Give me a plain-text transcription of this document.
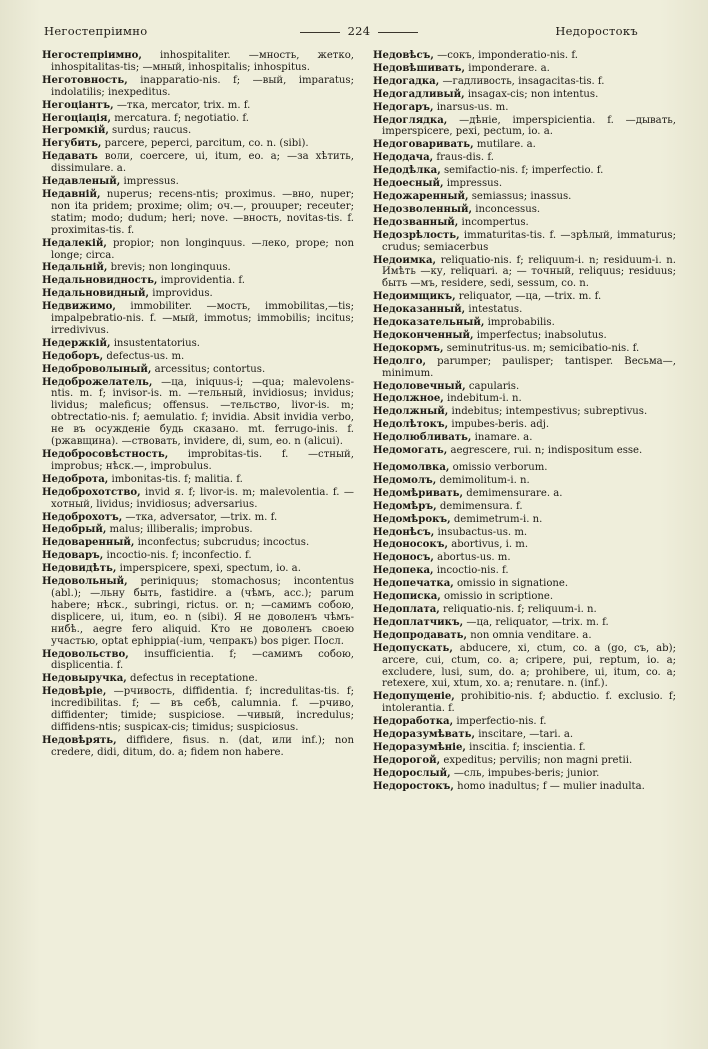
Негостепріимно	224	Недоростокъ
Негостепріимно, inhospitaliter. —мность, жетко, inhospitalitas-tis; —мный, inhospitalis; inhospitus.
Неготовность, inapparatio-nis. f; —вый, imparatus; indolatilis; inexpeditus.
Негоціантъ, —тка, mercator, trix. m. f.
Негоціація, mercatura. f; negotiatio. f.
Негромкій, surdus; raucus.
Негубить, parcere, peperci, parcitum, co. n. (sibi).
Недавать воли, coercere, ui, itum, eo. a; —за хѣтить, dissimulare. a.
Недавленый, impressus.
Недавній, nuperus; recens-ntis; proximus. —вно, nuper; non ita pridem; proxime; olim; оч.—, prouuper; receuter; statim; modo; dudum; heri; nove. —вность, novitas-tis. f. proximitas-tis. f.
Недалекій, propior; non longinquus. —леко, prope; non longe; circa.
Недальній, brevis; non longinquus.
Недальновидность, improvidentia. f.
Недальновидный, improvidus.
Недвижимо, immobiliter. —мость, immobilitas,—tis; impalpebratio-nis. f. —мый, immotus; immobilis; incitus; irredivivus.
Недержкій, insustentatorius.
Недоборъ, defectus-us. m.
Недоброволыный, arcessitus; contortus.
Недоброжелатель, —ца, iniquus-i; —qua; malevolens-ntis. m. f; invisor-is. m. —тельный, invidiosus; invidus; lividus; maleficus; offensus. —тельство, livor-is. m; obtrectatio-nis. f; aemulatio. f; invidia. Absit invidia verbo, не въ осужденіе будь сказано. mt. ferrugo-inis. f. (ржавщина). —ствовать, invidere, di, sum, eo. n (alicui).
Недобросовѣстность, improbitas-tis. f. —стный, improbus; нѣск.—, improbulus.
Недоброта, imbonitas-tis. f; malitia. f.
Недоброхотство, invid я. f; livor-is. m; malevolentia. f. —хотный, lividus; invidiosus; adversarius.
Недоброхотъ, —тка, adversator, —trix. m. f.
Недобрый, malus; illiberalis; improbus.
Недоваренный, inconfectus; subcrudus; incoctus.
Недоваръ, incoctio-nis. f; inconfectio. f.
Недовидѣть, imperspicere, spexi, spectum, io. a.
Недовольный, periniquus; stomachosus; incontentus (abl.); —льну быть, fastidire. a (чѣмъ, acc.); parum habere; нѣск., subringi, rictus. or. n; —самимъ собою, displicere, ui, itum, eo. n (sibi). Я не доволенъ чѣмъ-нибѣ., aegre fero aliquid. Кто не доволенъ своею участью, optat ephippia(-ium, чепракъ) bos piger. Посл.
Недовольство, insufficientia. f; —самимъ собою, displicentia. f.
Недовыручка, defectus in receptatione.
Недовѣріе, —рчивость, diffidentia. f; incredulitas-tis. f; incredibilitas. f; — въ себѣ, calumnia. f. —рчиво, diffidenter; timide; suspiciose. —чивый, incredulus; diffidens-ntis; suspicax-cis; timidus; suspiciosus.
Недовѣрять, diffidere, fisus. n. (dat, или inf.); non credere, didi, ditum, do. a; fidem non habere.
Недовѣсъ, —сокъ, imponderatio-nis. f.
Недовѣшивать, imponderare. a.
Недогадка, —гадливость, insagacitas-tis. f.
Недогадливый, insagax-cis; non intentus.
Недогаръ, inarsus-us. m.
Недоглядка, —дѣніе, imperspicientia. f. —дывать, imperspicere, pexi, pectum, io. a.
Недоговаривать, mutilare. a.
Недодача, fraus-dis. f.
Недодѣлка, semifactio-nis. f; imperfectio. f.
Недоесный, impressus.
Недожаренный, semiassus; inassus.
Недозволенный, inconcessus.
Недозванный, incompertus.
Недозрѣлость, immaturitas-tis. f. —зрѣлый, immaturus; crudus; semiacerbus
Недоимка, reliquatio-nis. f; reliquum-i. n; residuum-i. n. Имѣть —ку, reliquari. a; — точный, reliquus; residuus; быть —мъ, residere, sedi, sessum, co. n.
Недоимщикъ, reliquator, —ца, —trix. m. f.
Недоказанный, intestatus.
Недоказательный, improbabilis.
Недоконченный, imperfectus; inabsolutus.
Недокормъ, seminutritus-us. m; semicibatio-nis. f.
Недолго, parumper; paulisper; tantisper. Весьма—, minimum.
Недоловечный, capularis.
Недолжное, indebitum-i. n.
Недолжный, indebitus; intempestivus; subreptivus.
Недолѣтокъ, impubes-beris. adj.
Недолюбливать, inamare. a.
Недомогать, aegrescere, rui. n; indispositum esse.
Недомолвка, omissio verborum.
Недомолъ, demimolitum-i. n.
Недомѣривать, demimensurare. a.
Недомѣръ, demimensura. f.
Недомѣрокъ, demimetrum-i. n.
Недонѣсъ, insubactus-us. m.
Недоносокъ, abortivus, i. m.
Недоносъ, abortus-us. m.
Недопека, incoctio-nis. f.
Недопечатка, omissio in signatione.
Недописка, omissio in scriptione.
Недоплата, reliquatio-nis. f; reliquum-i. n.
Недоплатчикъ, —ца, reliquator, —trix. m. f.
Недопродавать, non omnia venditare. a.
Недопускать, abducere, xi, ctum, co. a (go, съ, ab); arcere, cui, ctum, co. a; cripere, pui, reptum, io. a; excludere, lusi, sum, do. a; prohibere, ui, itum, co. a; retexere, xui, xtum, xo. a; renutare. n. (inf.).
Недопущеніе, prohibitio-nis. f; abductio. f. exclusio. f; intolerantia. f.
Недоработка, imperfectio-nis. f.
Недоразумѣвать, inscitare, —tari. a.
Недоразумѣніе, inscitia. f; inscientia. f.
Недорогой, expeditus; pervilis; non magni pretii.
Недорослый, —сль, impubes-beris; junior.
Недоростокъ, homo inadultus; f — mulier inadulta.
